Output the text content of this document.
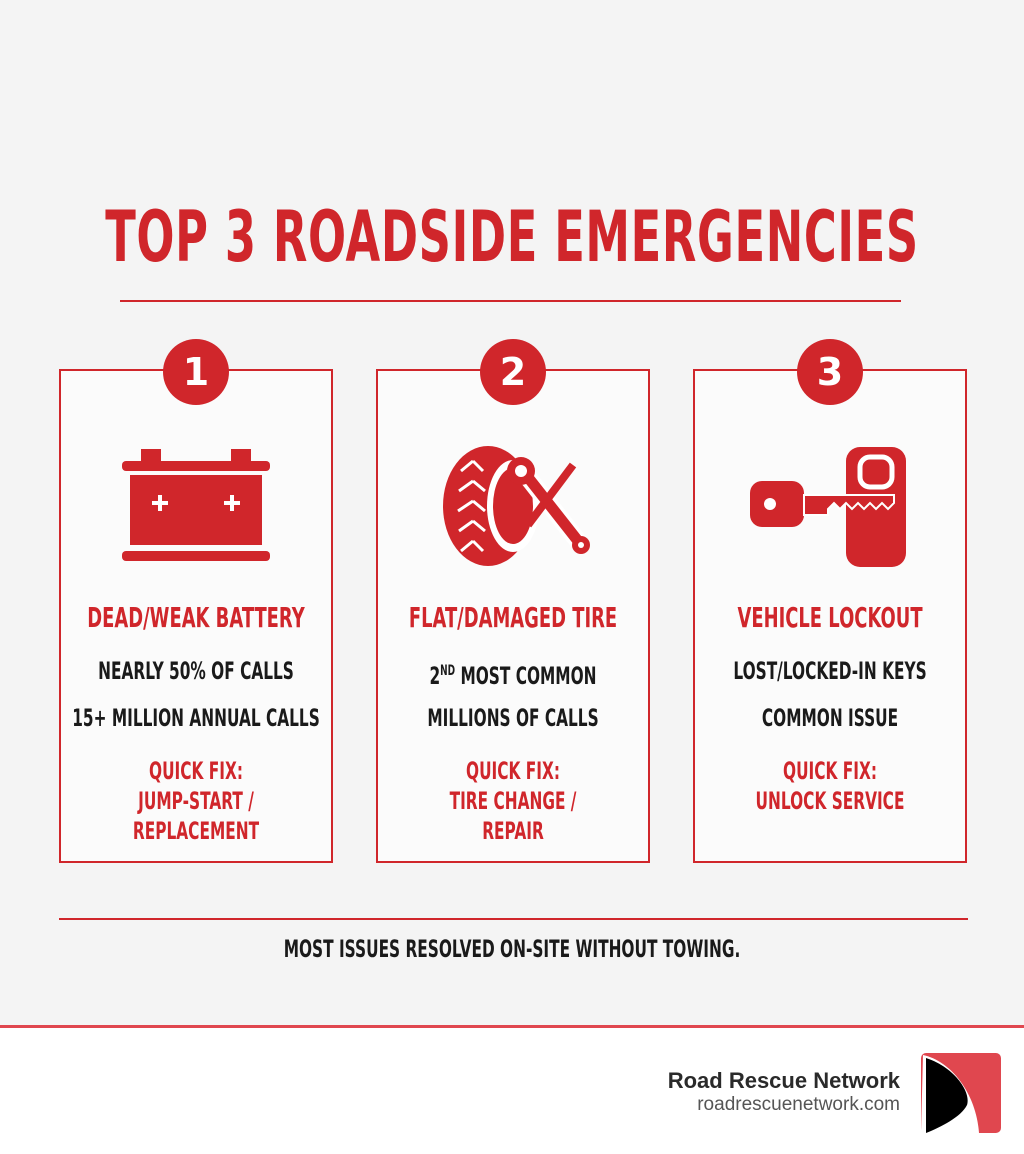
TOP 3 ROADSIDE EMERGENCIES
1
DEAD/WEAK BATTERY
NEARLY 50% OF CALLS
15+ MILLION ANNUAL CALLS
QUICK FIX:
JUMP-START /
REPLACEMENT
2
FLAT/DAMAGED TIRE
2ND MOST COMMON
MILLIONS OF CALLS
QUICK FIX:
TIRE CHANGE /
REPAIR
3
VEHICLE LOCKOUT
LOST/LOCKED-IN KEYS
COMMON ISSUE
QUICK FIX:
UNLOCK SERVICE
MOST ISSUES RESOLVED ON-SITE WITHOUT TOWING.
Road Rescue Network
roadrescuenetwork.com
